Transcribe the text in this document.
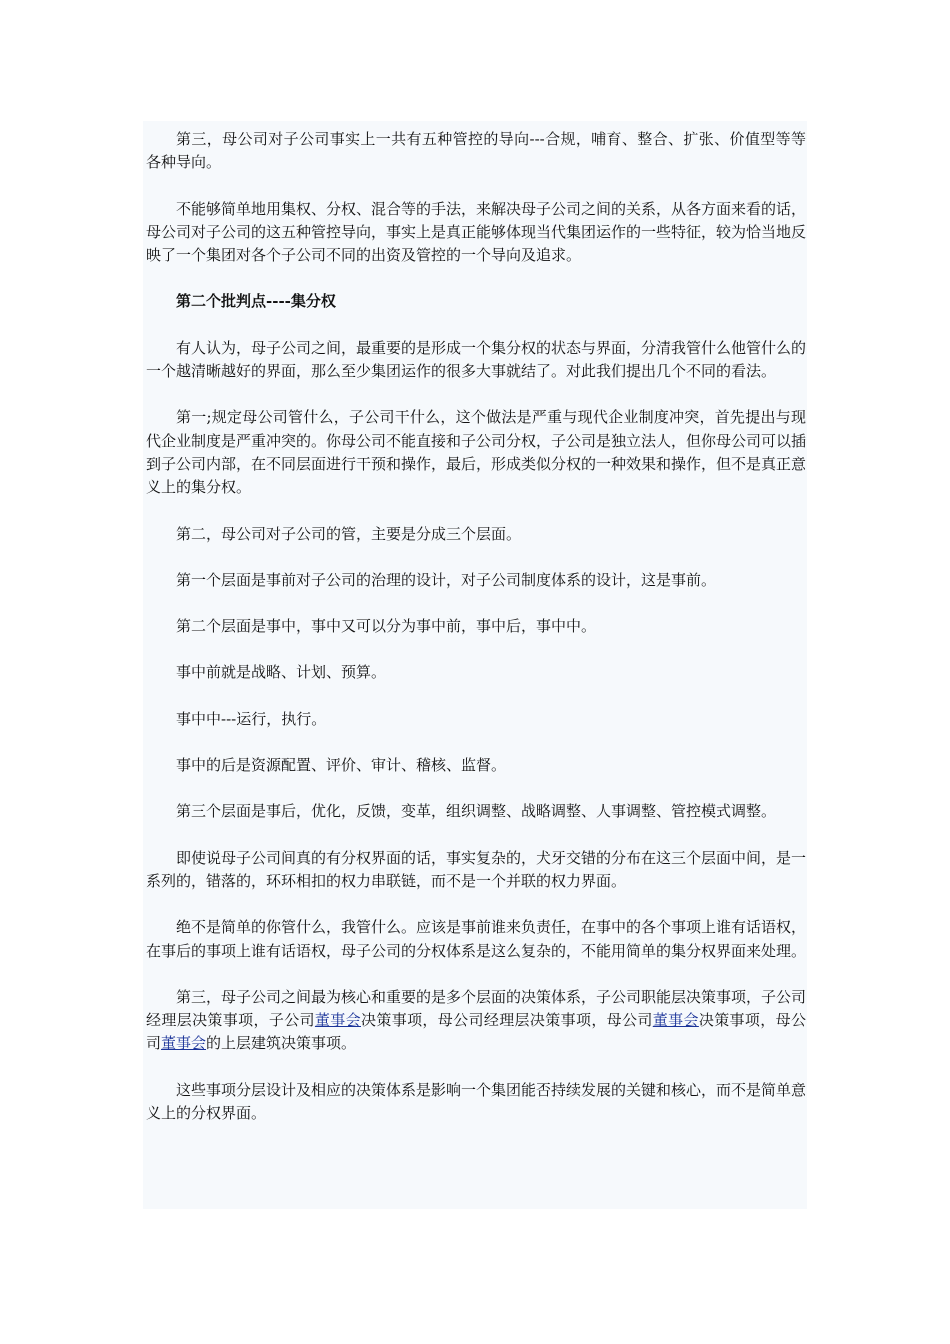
第三，母公司对子公司事实上一共有五种管控的导向---合规，哺育、整合、扩张、价值型等等各种导向。

不能够简单地用集权、分权、混合等的手法，来解决母子公司之间的关系，从各方面来看的话，母公司对子公司的这五种管控导向，事实上是真正能够体现当代集团运作的一些特征，较为恰当地反映了一个集团对各个子公司不同的出资及管控的一个导向及追求。

第二个批判点----集分权

有人认为，母子公司之间，最重要的是形成一个集分权的状态与界面，分清我管什么他管什么的一个越清晰越好的界面，那么至少集团运作的很多大事就结了。对此我们提出几个不同的看法。

第一;规定母公司管什么，子公司干什么，这个做法是严重与现代企业制度冲突，首先提出与现代企业制度是严重冲突的。你母公司不能直接和子公司分权，子公司是独立法人，但你母公司可以插到子公司内部，在不同层面进行干预和操作，最后，形成类似分权的一种效果和操作，但不是真正意义上的集分权。

第二，母公司对子公司的管，主要是分成三个层面。

第一个层面是事前对子公司的治理的设计，对子公司制度体系的设计，这是事前。

第二个层面是事中，事中又可以分为事中前，事中后，事中中。

事中前就是战略、计划、预算。

事中中---运行，执行。

事中的后是资源配置、评价、审计、稽核、监督。

第三个层面是事后，优化，反馈，变革，组织调整、战略调整、人事调整、管控模式调整。

即使说母子公司间真的有分权界面的话，事实复杂的，犬牙交错的分布在这三个层面中间，是一系列的，错落的，环环相扣的权力串联链，而不是一个并联的权力界面。

绝不是简单的你管什么，我管什么。应该是事前谁来负责任，在事中的各个事项上谁有话语权，在事后的事项上谁有话语权，母子公司的分权体系是这么复杂的，不能用简单的集分权界面来处理。

第三，母子公司之间最为核心和重要的是多个层面的决策体系，子公司职能层决策事项，子公司经理层决策事项，子公司董事会决策事项，母公司经理层决策事项，母公司董事会决策事项，母公司董事会的上层建筑决策事项。

这些事项分层设计及相应的决策体系是影响一个集团能否持续发展的关键和核心，而不是简单意义上的分权界面。
